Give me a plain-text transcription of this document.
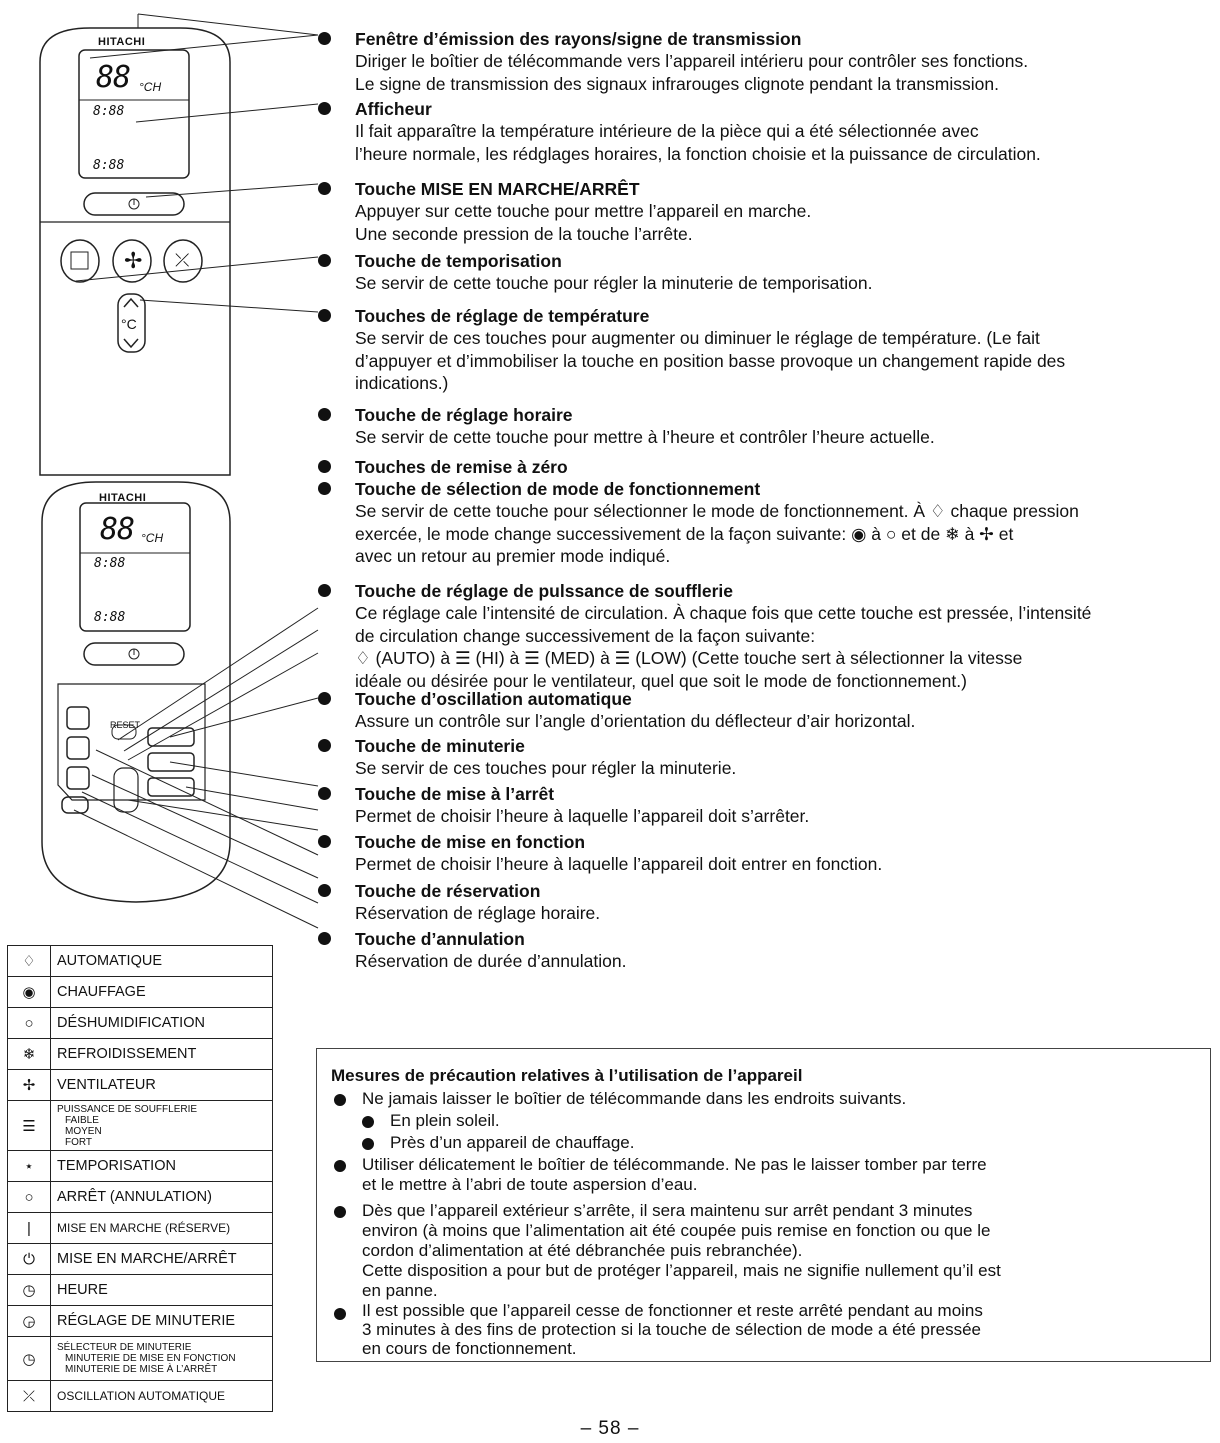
HITACHI
88 °CH
8:88
8:88
°C
✢ ⤫
HITACHI
88 °CH
8:88
8:88
RESET
Fenêtre d’émission des rayons/signe de transmission

Diriger le boîtier de télécommande vers l’appareil intérieru pour contrôler ses fonctions.

Le signe de transmission des signaux infrarouges clignote pendant la transmission.

Afficheur

Il fait apparaître la température intérieure de la pièce qui a été sélectionnée avec

l’heure normale, les rédglages horaires, la fonction choisie et la puissance de circulation.

Touche MISE EN MARCHE/ARRÊT

Appuyer sur cette touche pour mettre l’appareil en marche.

Une seconde pression de la touche l’arrête.

Touche de temporisation

Se servir de cette touche pour régler la minuterie de temporisation.

Touches de réglage de température

Se servir de ces touches pour augmenter ou diminuer le réglage de température. (Le fait

d’appuyer et d’immobiliser la touche en position basse provoque un changement rapide des

indications.)

Touche de réglage horaire

Se servir de cette touche pour mettre à l’heure et contrôler l’heure actuelle.

Touches de remise à zéro
Touche de sélection de mode de fonctionnement

Se servir de cette touche pour sélectionner le mode de fonctionnement. À ♢ chaque pression

exercée, le mode change successivement de la façon suivante: ◉ à ○ et de ❄ à ✢ et

avec un retour au premier mode indiqué.

Touche de réglage de pulssance de soufflerie

Ce réglage cale l’intensité de circulation. À chaque fois que cette touche est pressée, l’intensité

de circulation change successivement de la façon suivante:

♢ (AUTO) à ☰ (HI) à ☰ (MED) à ☰ (LOW) (Cette touche sert à sélectionner la vitesse

idéale ou désirée pour le ventilateur, quel que soit le mode de fonctionnement.)

Touche d’oscillation automatique

Assure un contrôle sur l’angle d’orientation du déflecteur d’air horizontal.

Touche de minuterie

Se servir de ces touches pour régler la minuterie.

Touche de mise à l’arrêt

Permet de choisir l’heure à laquelle l’appareil doit s’arrêter.

Touche de mise en fonction

Permet de choisir l’heure à laquelle l’appareil doit entrer en fonction.

Touche de réservation

Réservation de réglage horaire.

Touche d’annulation

Réservation de durée d’annulation.

♢	AUTOMATIQUE
◉	CHAUFFAGE
○	DÉSHUMIDIFICATION
❄	REFROIDISSEMENT
✢	VENTILATEUR
☰	PUISSANCE DE SOUFFLERIE
FAIBLE
MOYEN
FORT

⋆	TEMPORISATION
○	ARRÊT (ANNULATION)
|	MISE EN MARCHE (RÉSERVE)
⏻	MISE EN MARCHE/ARRÊT
◷	HEURE
◶	RÉGLAGE DE MINUTERIE
◷	SÉLECTEUR DE MINUTERIE
MINUTERIE DE MISE EN FONCTION
MINUTERIE DE MISE À L’ARRÊT

⤫	OSCILLATION AUTOMATIQUE
Mesures de précaution relatives à l’utilisation de l’appareil
Ne jamais laisser le boîtier de télécommande dans les endroits suivants.
En plein soleil.
Près d’un appareil de chauffage.
Utiliser délicatement le boîtier de télécommande. Ne pas le laisser tomber par terre
et le mettre à l’abri de toute aspersion d’eau.
Dès que l’appareil extérieur s’arrête, il sera maintenu sur arrêt pendant 3 minutes
environ (à moins que l’alimentation ait été coupée puis remise en fonction ou que le
cordon d’alimentation at été débranchée puis rebranchée).
Cette disposition a pour but de protéger l’appareil, mais ne signifie nullement qu’il est
en panne.
Il est possible que l’appareil cesse de fonctionner et reste arrêté pendant au moins
3 minutes à des fins de protection si la touche de sélection de mode a été pressée
en cours de fonctionnement.
– 58 –
